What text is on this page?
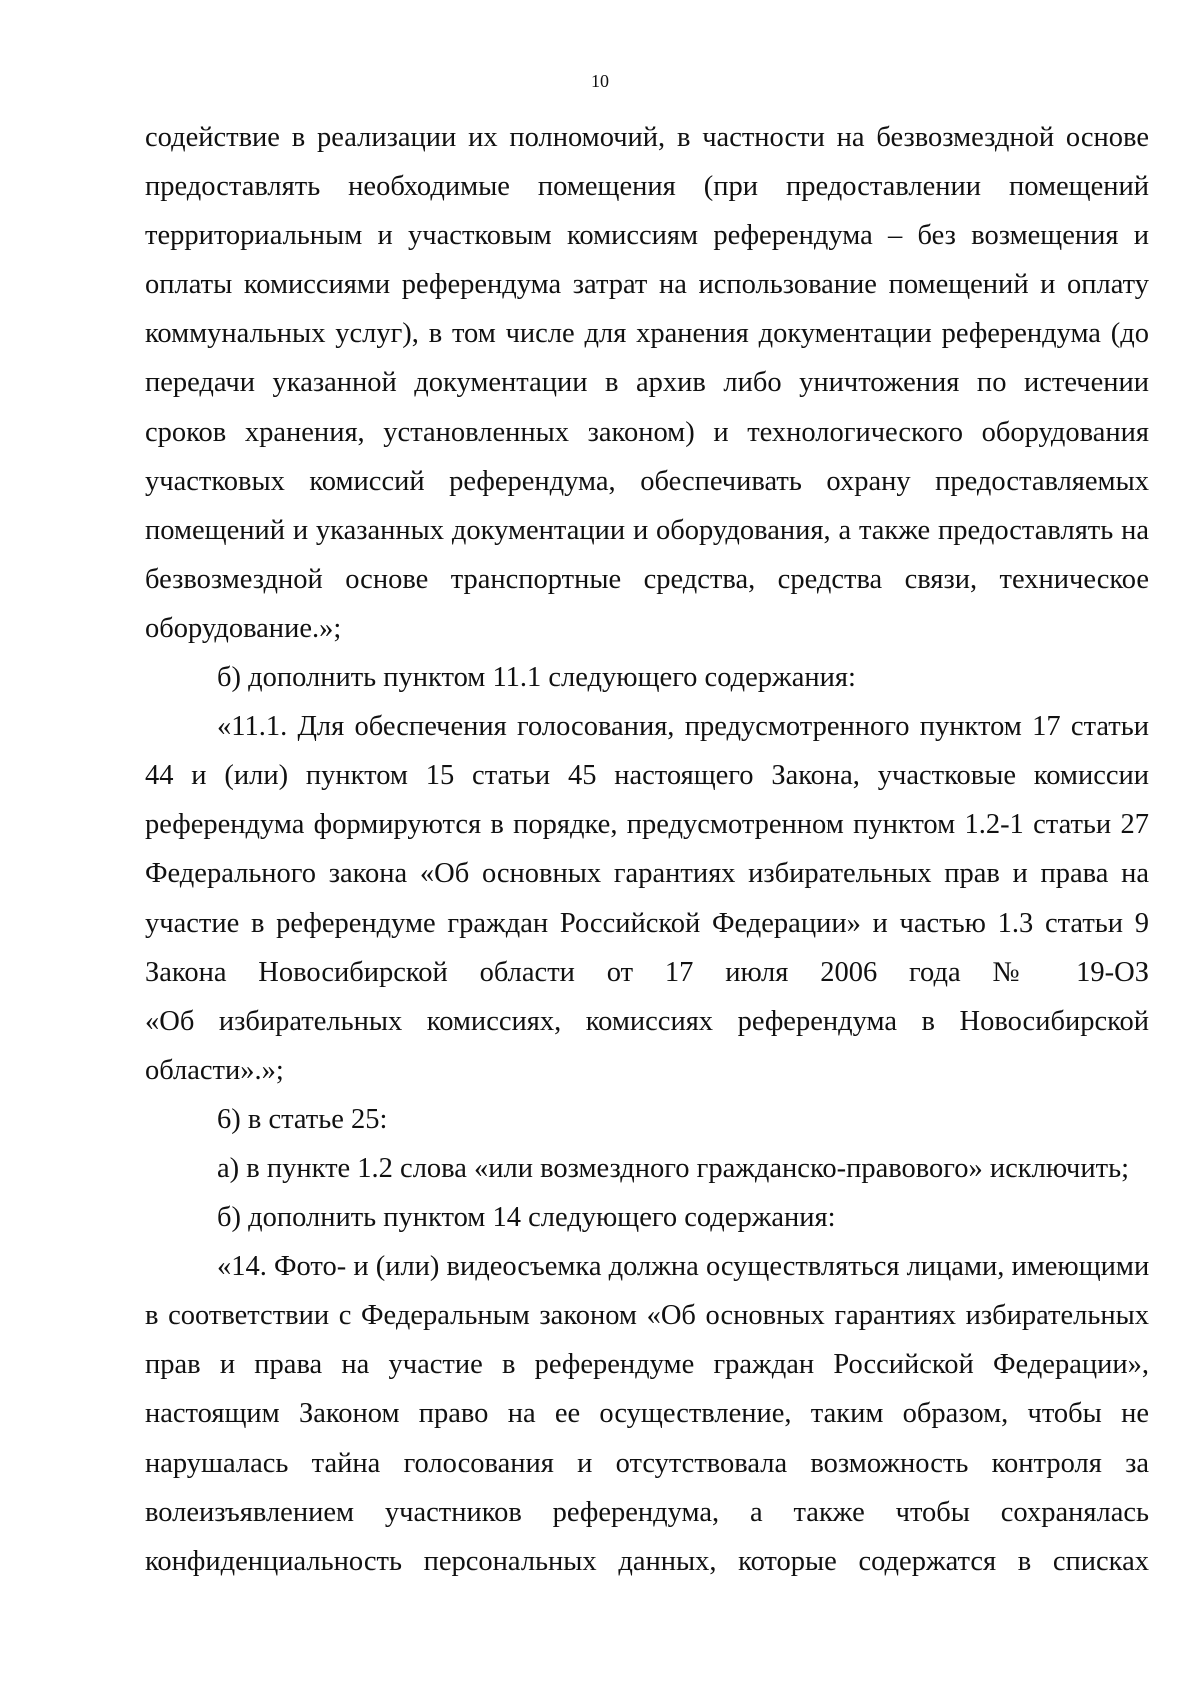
10
содействие в реализации их полномочий, в частности на безвозмездной основе
предоставлять необходимые помещения (при предоставлении помещений
территориальным и участковым комиссиям референдума – без возмещения и
оплаты комиссиями референдума затрат на использование помещений и оплату
коммунальных услуг), в том числе для хранения документации референдума (до
передачи указанной документации в архив либо уничтожения по истечении
сроков хранения, установленных законом) и технологического оборудования
участковых комиссий референдума, обеспечивать охрану предоставляемых
помещений и указанных документации и оборудования, а также предоставлять на
безвозмездной основе транспортные средства, средства связи, техническое
оборудование.»;
б) дополнить пунктом 11.1 следующего содержания:
«11.1. Для обеспечения голосования, предусмотренного пунктом 17 статьи
44 и (или) пунктом 15 статьи 45 настоящего Закона, участковые комиссии
референдума формируются в порядке, предусмотренном пунктом 1.2-1 статьи 27
Федерального закона «Об основных гарантиях избирательных прав и права на
участие в референдуме граждан Российской Федерации» и частью 1.3 статьи 9
Закона Новосибирской области от 17 июля 2006 года № 19-ОЗ
«Об избирательных комиссиях, комиссиях референдума в Новосибирской
области».»;
6) в статье 25:
а) в пункте 1.2 слова «или возмездного гражданско-правового» исключить;
б) дополнить пунктом 14 следующего содержания:
«14. Фото- и (или) видеосъемка должна осуществляться лицами, имеющими
в соответствии с Федеральным законом «Об основных гарантиях избирательных
прав и права на участие в референдуме граждан Российской Федерации»,
настоящим Законом право на ее осуществление, таким образом, чтобы не
нарушалась тайна голосования и отсутствовала возможность контроля за
волеизъявлением участников референдума, а также чтобы сохранялась
конфиденциальность персональных данных, которые содержатся в списках
